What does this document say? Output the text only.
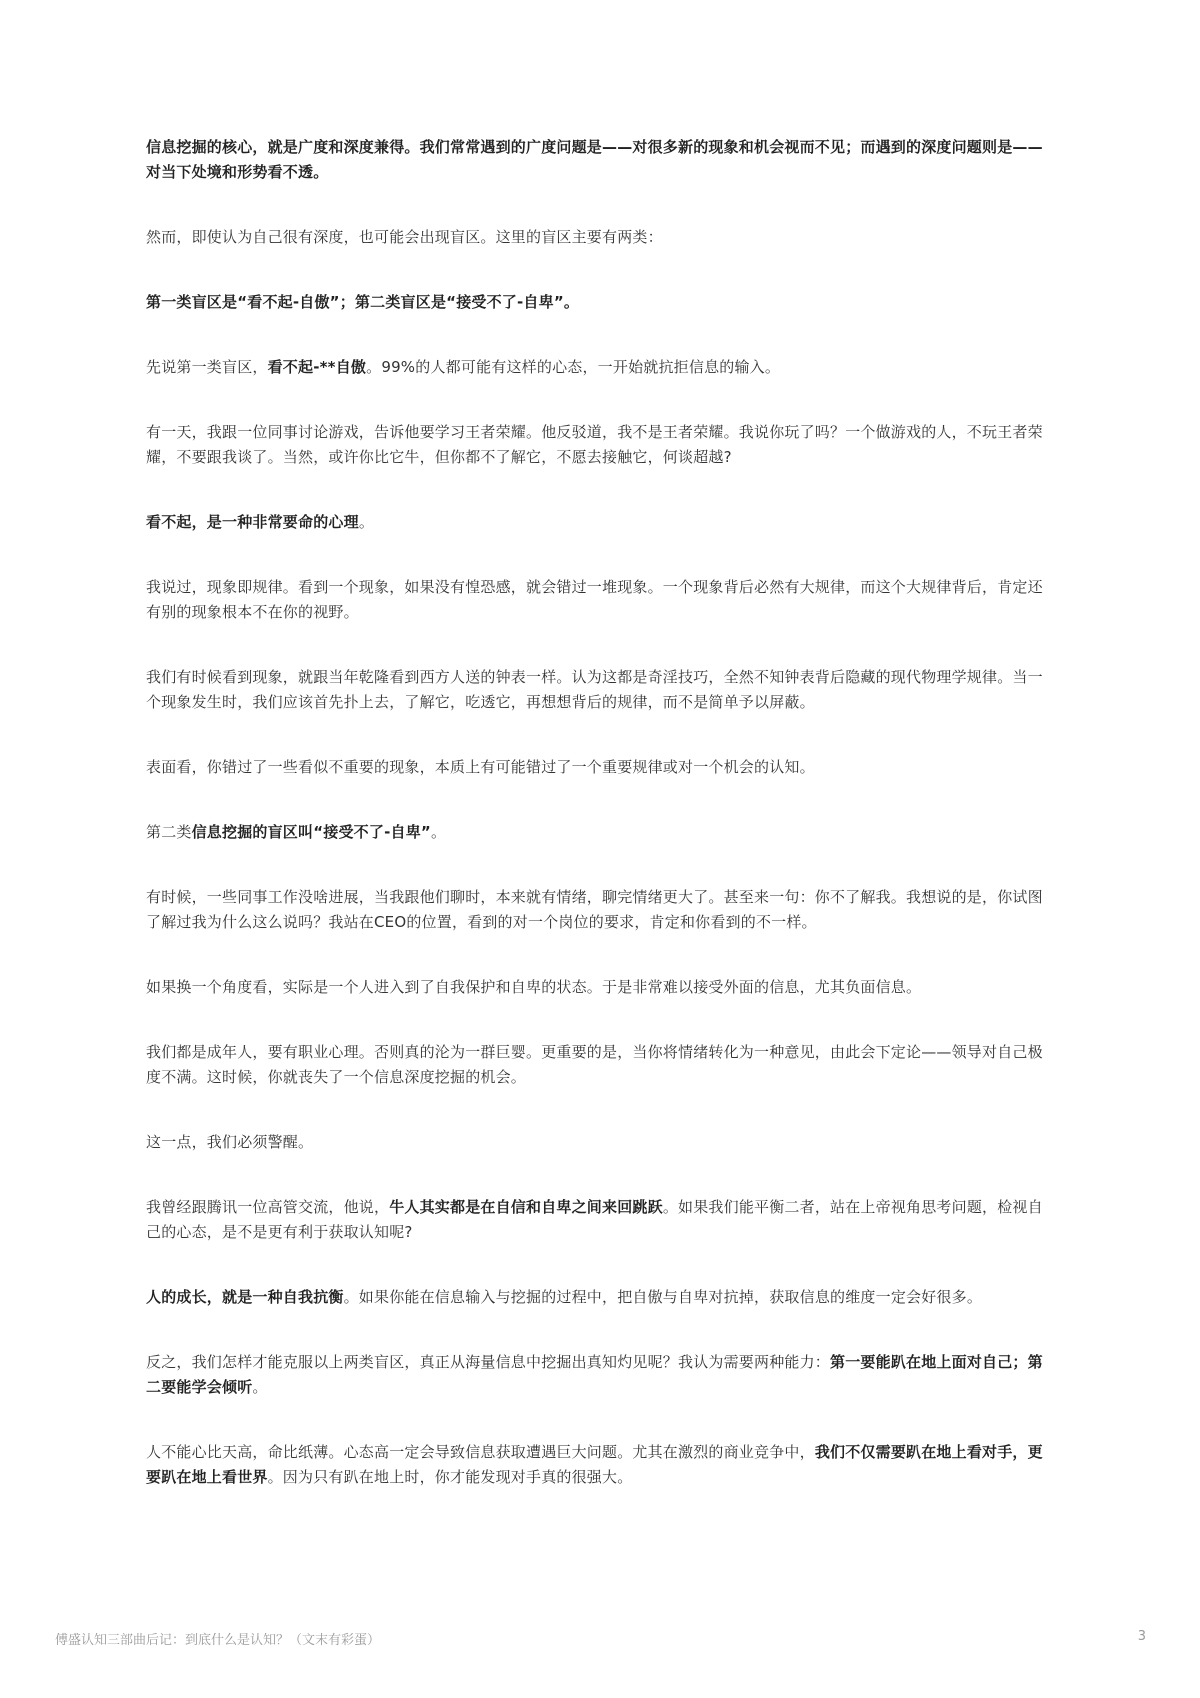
信息挖掘的核心，就是广度和深度兼得。我们常常遇到的广度问题是——对很多新的现象和机会视而不见；而遇到的深度问题则是——对当下处境和形势看不透。

然而，即使认为自己很有深度，也可能会出现盲区。这里的盲区主要有两类：

第一类盲区是“看不起-自傲”；第二类盲区是“接受不了-自卑”。

先说第一类盲区，看不起-**自傲。99%的人都可能有这样的心态，一开始就抗拒信息的输入。

有一天，我跟一位同事讨论游戏，告诉他要学习王者荣耀。他反驳道，我不是王者荣耀。我说你玩了吗？一个做游戏的人，不玩王者荣耀，不要跟我谈了。当然，或许你比它牛，但你都不了解它，不愿去接触它，何谈超越?

看不起，是一种非常要命的心理。

我说过，现象即规律。看到一个现象，如果没有惶恐感，就会错过一堆现象。一个现象背后必然有大规律，而这个大规律背后，肯定还有别的现象根本不在你的视野。

我们有时候看到现象，就跟当年乾隆看到西方人送的钟表一样。认为这都是奇淫技巧，全然不知钟表背后隐藏的现代物理学规律。当一个现象发生时，我们应该首先扑上去，了解它，吃透它，再想想背后的规律，而不是简单予以屏蔽。

表面看，你错过了一些看似不重要的现象，本质上有可能错过了一个重要规律或对一个机会的认知。

第二类信息挖掘的盲区叫“接受不了-自卑”。

有时候，一些同事工作没啥进展，当我跟他们聊时，本来就有情绪，聊完情绪更大了。甚至来一句：你不了解我。我想说的是，你试图了解过我为什么这么说吗？我站在CEO的位置，看到的对一个岗位的要求，肯定和你看到的不一样。

如果换一个角度看，实际是一个人进入到了自我保护和自卑的状态。于是非常难以接受外面的信息，尤其负面信息。

我们都是成年人，要有职业心理。否则真的沦为一群巨婴。更重要的是，当你将情绪转化为一种意见，由此会下定论——领导对自己极度不满。这时候，你就丧失了一个信息深度挖掘的机会。

这一点，我们必须警醒。

我曾经跟腾讯一位高管交流，他说，牛人其实都是在自信和自卑之间来回跳跃。如果我们能平衡二者，站在上帝视角思考问题，检视自己的心态，是不是更有利于获取认知呢?

人的成长，就是一种自我抗衡。如果你能在信息输入与挖掘的过程中，把自傲与自卑对抗掉，获取信息的维度一定会好很多。

反之，我们怎样才能克服以上两类盲区，真正从海量信息中挖掘出真知灼见呢？我认为需要两种能力：第一要能趴在地上面对自己；第二要能学会倾听。

人不能心比天高，命比纸薄。心态高一定会导致信息获取遭遇巨大问题。尤其在激烈的商业竞争中，我们不仅需要趴在地上看对手，更要趴在地上看世界。因为只有趴在地上时，你才能发现对手真的很强大。

傅盛认知三部曲后记：到底什么是认知？（文末有彩蛋）	3
